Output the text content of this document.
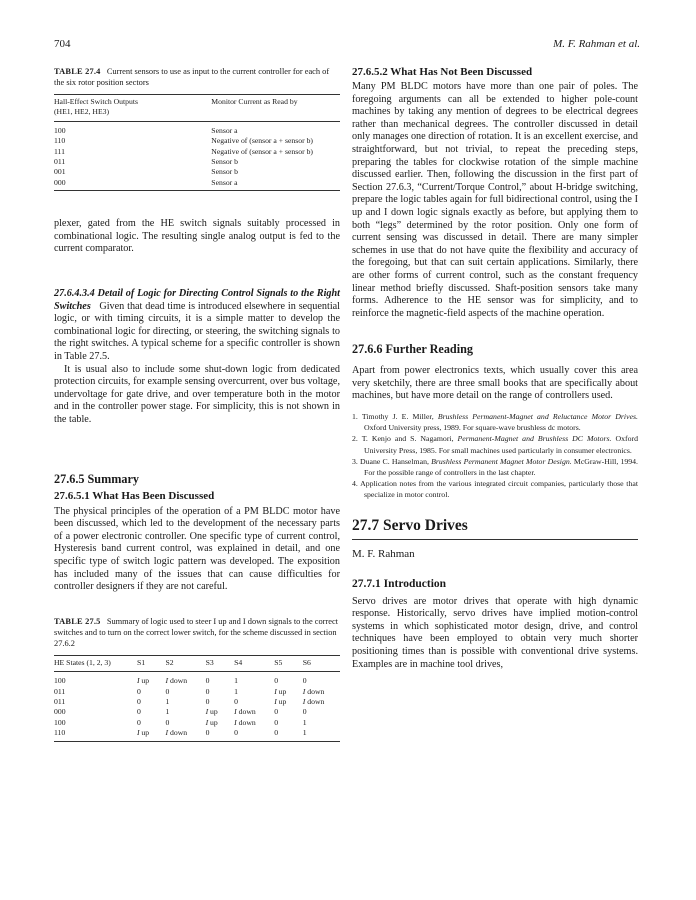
704	M. F. Rahman et al.
TABLE 27.4 Current sensors to use as input to the current controller for each of the six rotor position sectors
Hall-Effect Switch Outputs
(HE1, HE2, HE3)	Monitor Current as Read by
100	Sensor a
110	Negative of (sensor a + sensor b)
111	Negative of (sensor a + sensor b)
011	Sensor b
001	Sensor b
000	Sensor a

plexer, gated from the HE switch signals suitably processed in combinational logic. The resulting single analog output is fed to the current comparator.

27.6.4.3.4 Detail of Logic for Directing Control Signals to the Right Switches Given that dead time is introduced elsewhere in sequential logic, or with timing circuits, it is a simple matter to develop the combinational logic for directing, or steering, the switching signals to the right switches. A typical scheme for a specific controller is shown in Table 27.5.

It is usual also to include some shut-down logic from dedicated protection circuits, for example sensing overcurrent, over bus voltage, undervoltage for gate drive, and over temperature both in the motor and in the controller power stage. For simplicity, this is not shown in the table.

27.6.5 Summary
27.6.5.1 What Has Been Discussed

The physical principles of the operation of a PM BLDC motor have been discussed, which led to the development of the necessary parts of a power electronic controller. One specific type of current control, Hysteresis band current control, was explained in detail, and one specific type of switch logic pattern was developed. The exposition has included many of the issues that can cause difficulties for controller designers if they are not careful.

TABLE 27.5 Summary of logic used to steer I up and I down signals to the correct switches and to turn on the correct lower switch, for the scheme discussed in section 27.6.2
HE States (1, 2, 3)	S1	S2	S3	S4	S5	S6
100	I up	I down	0	1	0	0
011	0	0	0	1	I up	I down
011	0	1	0	0	I up	I down
000	0	1	I up	I down	0	0
100	0	0	I up	I down	0	1
110	I up	I down	0	0	0	1
27.6.5.2 What Has Not Been Discussed

Many PM BLDC motors have more than one pair of poles. The foregoing arguments can all be extended to higher pole-count machines by taking any mention of degrees to be electrical degrees rather than mechanical degrees. The controller discussed in detail only manages one direction of rotation. It is an excellent exercise, and straightforward, but not trivial, to repeat the preceding steps, preparing the tables for clockwise rotation of the simple machine discussed earlier. Then, following the discussion in the first part of Section 27.6.3, “Current/Torque Control,” about H-bridge switching, prepare the logic tables again for full bidirectional control, using the I up and I down logic signals exactly as before, but applying them to both “legs” determined by the rotor position. Only one form of current sensing was discussed in detail. There are many simpler schemes in use that do not have quite the flexibility and accuracy of the foregoing, but that can suit certain applications. Similarly, there are other forms of current control, such as the constant frequency linear method briefly discussed. Shaft-position sensors take many forms. Adherence to the HE sensor was for simplicity, and to reinforce the magnetic-field aspects of the machine operation.

27.6.6 Further Reading

Apart from power electronics texts, which usually cover this area very sketchily, there are three small books that are specifically about machines, but have more detail on the range of controllers used.

1. Timothy J. E. Miller, Brushless Permanent-Magnet and Reluctance Motor Drives. Oxford University press, 1989. For square-wave brushless dc motors.

2. T. Kenjo and S. Nagamori, Permanent-Magnet and Brushless DC Motors. Oxford University Press, 1985. For small machines used particularly in consumer electronics.

3. Duane C. Hanselman, Brushless Permanent Magnet Motor Design. McGraw-Hill, 1994. For the possible range of controllers in the last chapter.

4. Application notes from the various integrated circuit companies, particularly those that specialize in motor control.

27.7 Servo Drives
M. F. Rahman
27.7.1 Introduction

Servo drives are motor drives that operate with high dynamic response. Historically, servo drives have implied motion-control systems in which sophisticated motor design, drive, and control techniques have been employed to obtain very much shorter positioning times than is possible with conventional drive systems. Examples are in machine tool drives,
